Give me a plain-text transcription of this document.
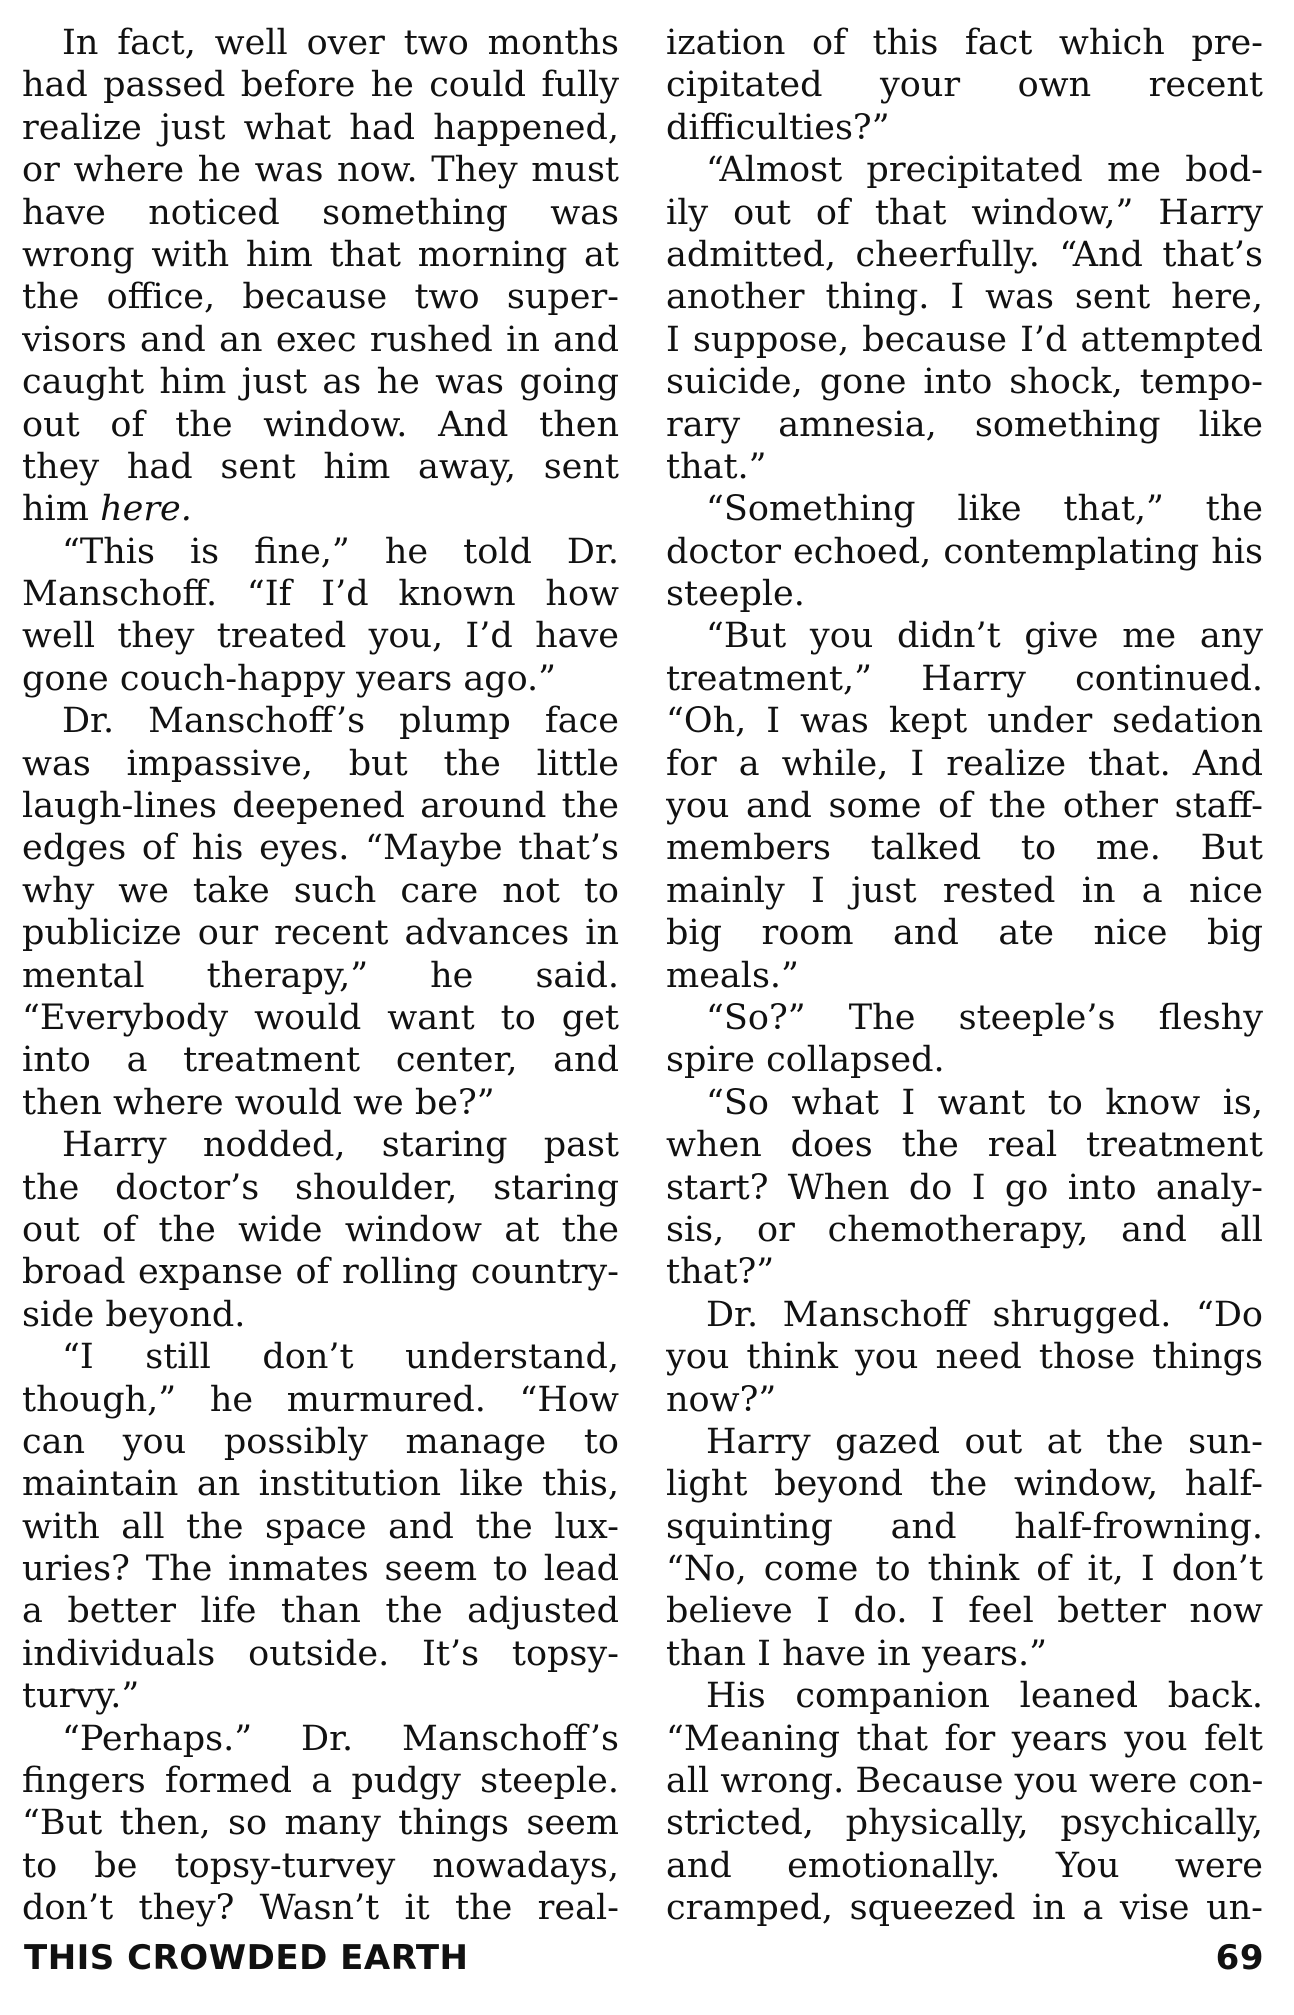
In fact, well over two months
had passed before he could fully
realize just what had happened,
or where he was now. They must
have noticed something was
wrong with him that morning at
the office, because two super-
visors and an exec rushed in and
caught him just as he was going
out of the window. And then
they had sent him away, sent
him here.
“This is fine,” he told Dr.
Manschoff. “If I’d known how
well they treated you, I’d have
gone couch-happy years ago.”
Dr. Manschoff’s plump face
was impassive, but the little
laugh-lines deepened around the
edges of his eyes. “Maybe that’s
why we take such care not to
publicize our recent advances in
mental therapy,” he said.
“Everybody would want to get
into a treatment center, and
then where would we be?”
Harry nodded, staring past
the doctor’s shoulder, staring
out of the wide window at the
broad expanse of rolling country-
side beyond.
“I still don’t understand,
though,” he murmured. “How
can you possibly manage to
maintain an institution like this,
with all the space and the lux-
uries? The inmates seem to lead
a better life than the adjusted
individuals outside. It’s topsy-
turvy.”
“Perhaps.” Dr. Manschoff’s
fingers formed a pudgy steeple.
“But then, so many things seem
to be topsy-turvey nowadays,
don’t they? Wasn’t it the real-
ization of this fact which pre-
cipitated your own recent
difficulties?”
“Almost precipitated me bod-
ily out of that window,” Harry
admitted, cheerfully. “And that’s
another thing. I was sent here,
I suppose, because I’d attempted
suicide, gone into shock, tempo-
rary amnesia, something like
that.”
“Something like that,” the
doctor echoed, contemplating his
steeple.
“But you didn’t give me any
treatment,” Harry continued.
“Oh, I was kept under sedation
for a while, I realize that. And
you and some of the other staff-
members talked to me. But
mainly I just rested in a nice
big room and ate nice big
meals.”
“So?” The steeple’s fleshy
spire collapsed.
“So what I want to know is,
when does the real treatment
start? When do I go into analy-
sis, or chemotherapy, and all
that?”
Dr. Manschoff shrugged. “Do
you think you need those things
now?”
Harry gazed out at the sun-
light beyond the window, half-
squinting and half-frowning.
“No, come to think of it, I don’t
believe I do. I feel better now
than I have in years.”
His companion leaned back.
“Meaning that for years you felt
all wrong. Because you were con-
stricted, physically, psychically,
and emotionally. You were
cramped, squeezed in a vise un-
THIS CROWDED EARTH	69
